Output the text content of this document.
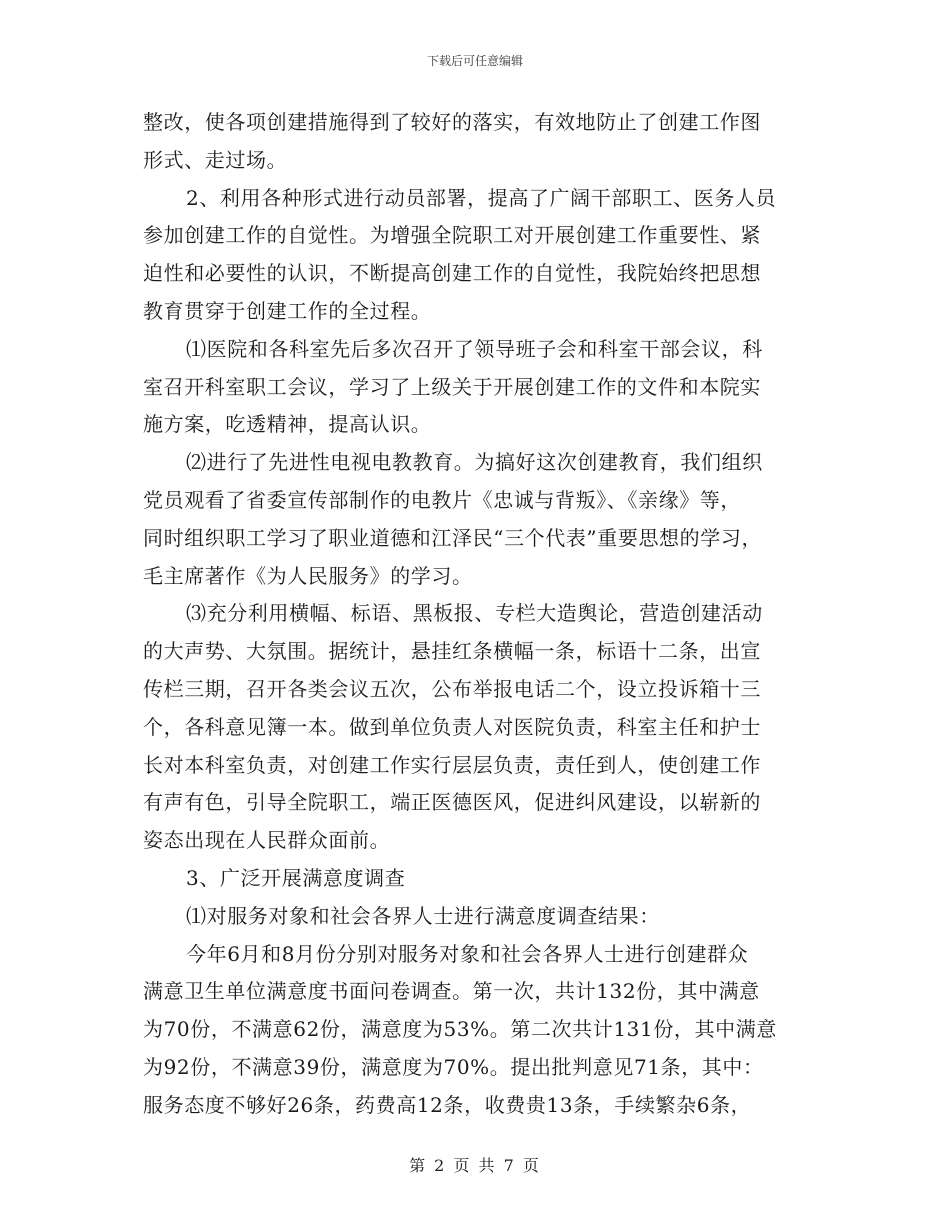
下载后可任意编辑

整改，使各项创建措施得到了较好的落实，有效地防止了创建工作图

形式、走过场。

2、利用各种形式进行动员部署，提高了广阔干部职工、医务人员

参加创建工作的自觉性。为增强全院职工对开展创建工作重要性、紧

迫性和必要性的认识，不断提高创建工作的自觉性，我院始终把思想

教育贯穿于创建工作的全过程。

⑴医院和各科室先后多次召开了领导班子会和科室干部会议，科

室召开科室职工会议，学习了上级关于开展创建工作的文件和本院实

施方案，吃透精神，提高认识。

⑵进行了先进性电视电教教育。为搞好这次创建教育，我们组织

党员观看了省委宣传部制作的电教片《忠诚与背叛》、《亲缘》等，

同时组织职工学习了职业道德和江泽民“三个代表”重要思想的学习，

毛主席著作《为人民服务》的学习。

⑶充分利用横幅、标语、黑板报、专栏大造舆论，营造创建活动

的大声势、大氛围。据统计，悬挂红条横幅一条，标语十二条，出宣

传栏三期，召开各类会议五次，公布举报电话二个，设立投诉箱十三

个，各科意见簿一本。做到单位负责人对医院负责，科室主任和护士

长对本科室负责，对创建工作实行层层负责，责任到人，使创建工作

有声有色，引导全院职工，端正医德医风，促进纠风建设，以崭新的

姿态出现在人民群众面前。

3、广泛开展满意度调查

⑴对服务对象和社会各界人士进行满意度调查结果：

今年6月和8月份分别对服务对象和社会各界人士进行创建群众

满意卫生单位满意度书面问卷调查。第一次，共计132份，其中满意

为70份，不满意62份，满意度为53%。第二次共计131份，其中满意

为92份，不满意39份，满意度为70%。提出批判意见71条，其中：

服务态度不够好26条，药费高12条，收费贵13条，手续繁杂6条，

第 2 页 共 7 页
